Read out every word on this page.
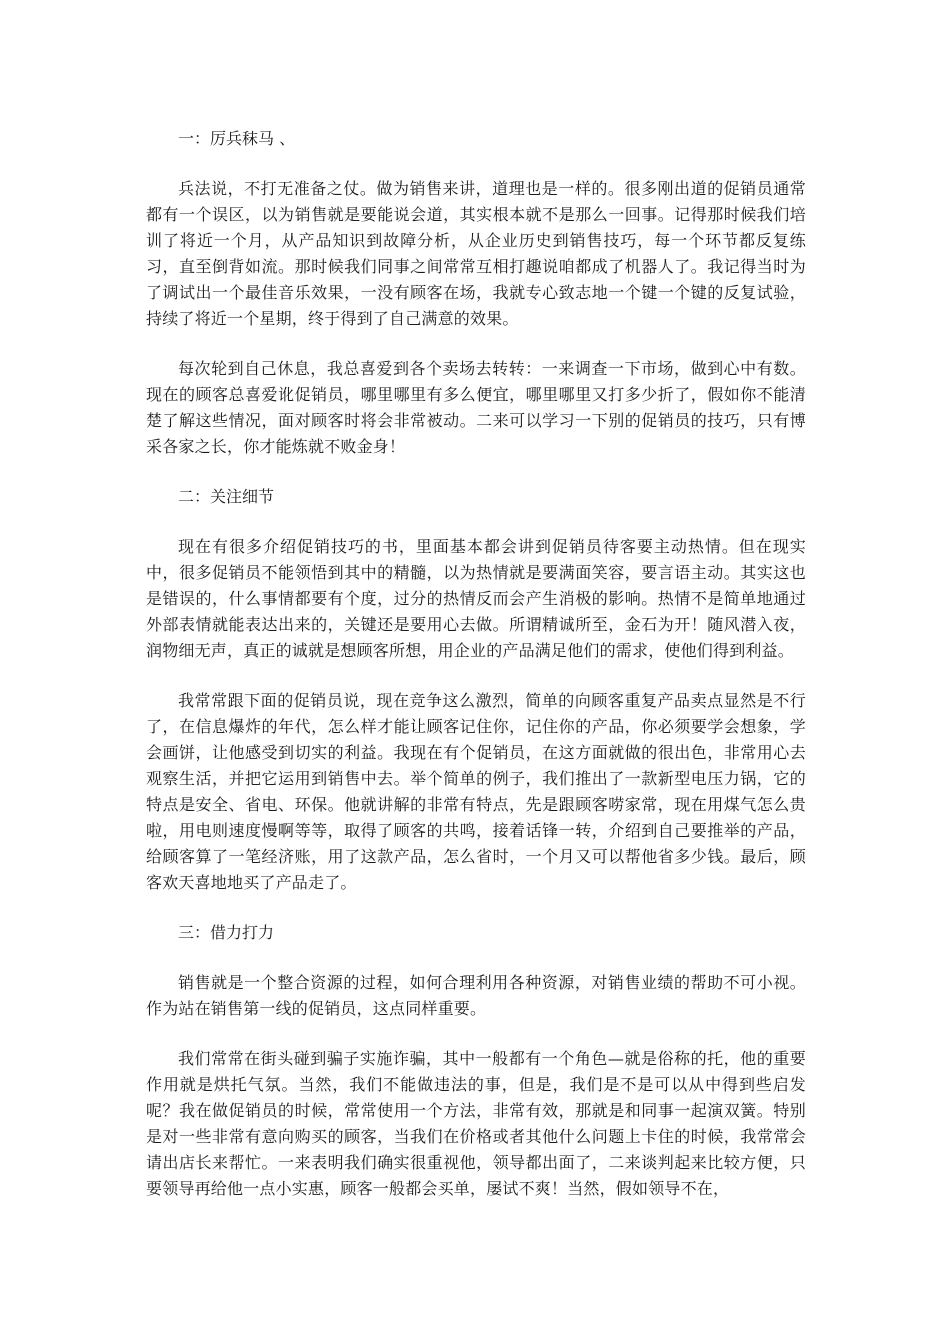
一：厉兵秣马 、

兵法说，不打无准备之仗。做为销售来讲，道理也是一样的。很多刚出道的促销员通常都有一个误区，以为销售就是要能说会道，其实根本就不是那么一回事。记得那时候我们培训了将近一个月，从产品知识到故障分析，从企业历史到销售技巧，每一个环节都反复练习，直至倒背如流。那时候我们同事之间常常互相打趣说咱都成了机器人了。我记得当时为了调试出一个最佳音乐效果，一没有顾客在场，我就专心致志地一个键一个键的反复试验，持续了将近一个星期，终于得到了自己满意的效果。

每次轮到自己休息，我总喜爱到各个卖场去转转：一来调查一下市场，做到心中有数。现在的顾客总喜爱讹促销员，哪里哪里有多么便宜，哪里哪里又打多少折了，假如你不能清楚了解这些情况，面对顾客时将会非常被动。二来可以学习一下别的促销员的技巧，只有博采各家之长，你才能炼就不败金身！

二：关注细节

现在有很多介绍促销技巧的书，里面基本都会讲到促销员待客要主动热情。但在现实中，很多促销员不能领悟到其中的精髓，以为热情就是要满面笑容，要言语主动。其实这也是错误的，什么事情都要有个度，过分的热情反而会产生消极的影响。热情不是简单地通过外部表情就能表达出来的，关键还是要用心去做。所谓精诚所至，金石为开！随风潜入夜，润物细无声，真正的诚就是想顾客所想，用企业的产品满足他们的需求，使他们得到利益。

我常常跟下面的促销员说，现在竞争这么激烈，简单的向顾客重复产品卖点显然是不行了，在信息爆炸的年代，怎么样才能让顾客记住你，记住你的产品，你必须要学会想象，学会画饼，让他感受到切实的利益。我现在有个促销员，在这方面就做的很出色，非常用心去观察生活，并把它运用到销售中去。举个简单的例子，我们推出了一款新型电压力锅，它的特点是安全、省电、环保。他就讲解的非常有特点，先是跟顾客唠家常，现在用煤气怎么贵啦，用电则速度慢啊等等，取得了顾客的共鸣，接着话锋一转，介绍到自己要推举的产品，给顾客算了一笔经济账，用了这款产品，怎么省时，一个月又可以帮他省多少钱。最后，顾客欢天喜地地买了产品走了。

三：借力打力

销售就是一个整合资源的过程，如何合理利用各种资源，对销售业绩的帮助不可小视。作为站在销售第一线的促销员，这点同样重要。

我们常常在街头碰到骗子实施诈骗，其中一般都有一个角色—就是俗称的托，他的重要作用就是烘托气氛。当然，我们不能做违法的事，但是，我们是不是可以从中得到些启发呢？我在做促销员的时候，常常使用一个方法，非常有效，那就是和同事一起演双簧。特别是对一些非常有意向购买的顾客，当我们在价格或者其他什么问题上卡住的时候，我常常会请出店长来帮忙。一来表明我们确实很重视他，领导都出面了，二来谈判起来比较方便，只要领导再给他一点小实惠，顾客一般都会买单，屡试不爽！当然，假如领导不在，
